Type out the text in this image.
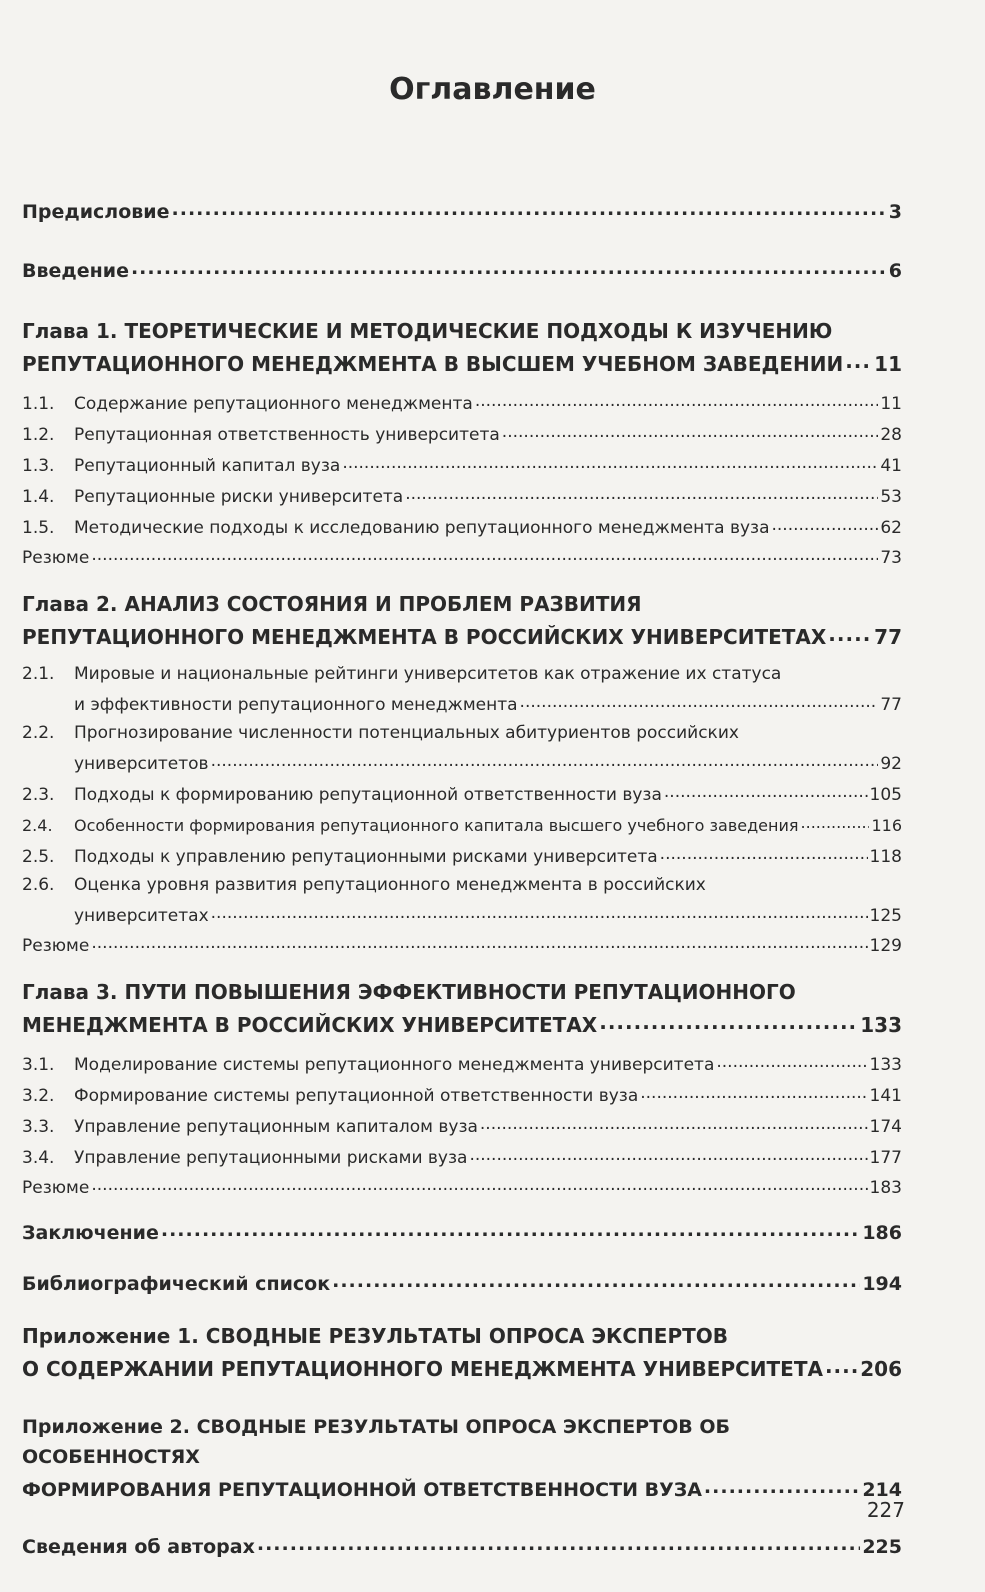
Оглавление
Предисловие .....	3
Введение .....	6
Глава 1. ТЕОРЕТИЧЕСКИЕ И МЕТОДИЧЕСКИЕ ПОДХОДЫ К ИЗУЧЕНИЮ
РЕПУТАЦИОННОГО МЕНЕДЖМЕНТА В ВЫСШЕМ УЧЕБНОМ ЗАВЕДЕНИИ ..... 11
1.1. Содержание репутационного менеджмента .....	11
1.2. Репутационная ответственность университета .....	28
1.3. Репутационный капитал вуза .....	41
1.4. Репутационные риски университета .....	53
1.5. Методические подходы к исследованию репутационного менеджмента вуза .....	62
Резюме .....	73
Глава 2. АНАЛИЗ СОСТОЯНИЯ И ПРОБЛЕМ РАЗВИТИЯ
РЕПУТАЦИОННОГО МЕНЕДЖМЕНТА В РОССИЙСКИХ УНИВЕРСИТЕТАХ ..... 77
2.1. Мировые и национальные рейтинги университетов как отражение их статуса
и эффективности репутационного менеджмента .....	77
2.2. Прогнозирование численности потенциальных абитуриентов российских
университетов .....	92
2.3. Подходы к формированию репутационной ответственности вуза .....	105
2.4. Особенности формирования репутационного капитала высшего учебного заведения .....	116
2.5. Подходы к управлению репутационными рисками университета .....	118
2.6. Оценка уровня развития репутационного менеджмента в российских
университетах .....	125
Резюме .....	129
Глава 3. ПУТИ ПОВЫШЕНИЯ ЭФФЕКТИВНОСТИ РЕПУТАЦИОННОГО
МЕНЕДЖМЕНТА В РОССИЙСКИХ УНИВЕРСИТЕТАХ .....	133
3.1. Моделирование системы репутационного менеджмента университета .....	133
3.2. Формирование системы репутационной ответственности вуза .....	141
3.3. Управление репутационным капиталом вуза .....	174
3.4. Управление репутационными рисками вуза .....	177
Резюме .....	183
Заключение .....	186
Библиографический список .....	194
Приложение 1. СВОДНЫЕ РЕЗУЛЬТАТЫ ОПРОСА ЭКСПЕРТОВ
О СОДЕРЖАНИИ РЕПУТАЦИОННОГО МЕНЕДЖМЕНТА УНИВЕРСИТЕТА ..... 206
Приложение 2. СВОДНЫЕ РЕЗУЛЬТАТЫ ОПРОСА ЭКСПЕРТОВ ОБ ОСОБЕННОСТЯХ
ФОРМИРОВАНИЯ РЕПУТАЦИОННОЙ ОТВЕТСТВЕННОСТИ ВУЗА .....	214
Сведения об авторах .....	225
227
